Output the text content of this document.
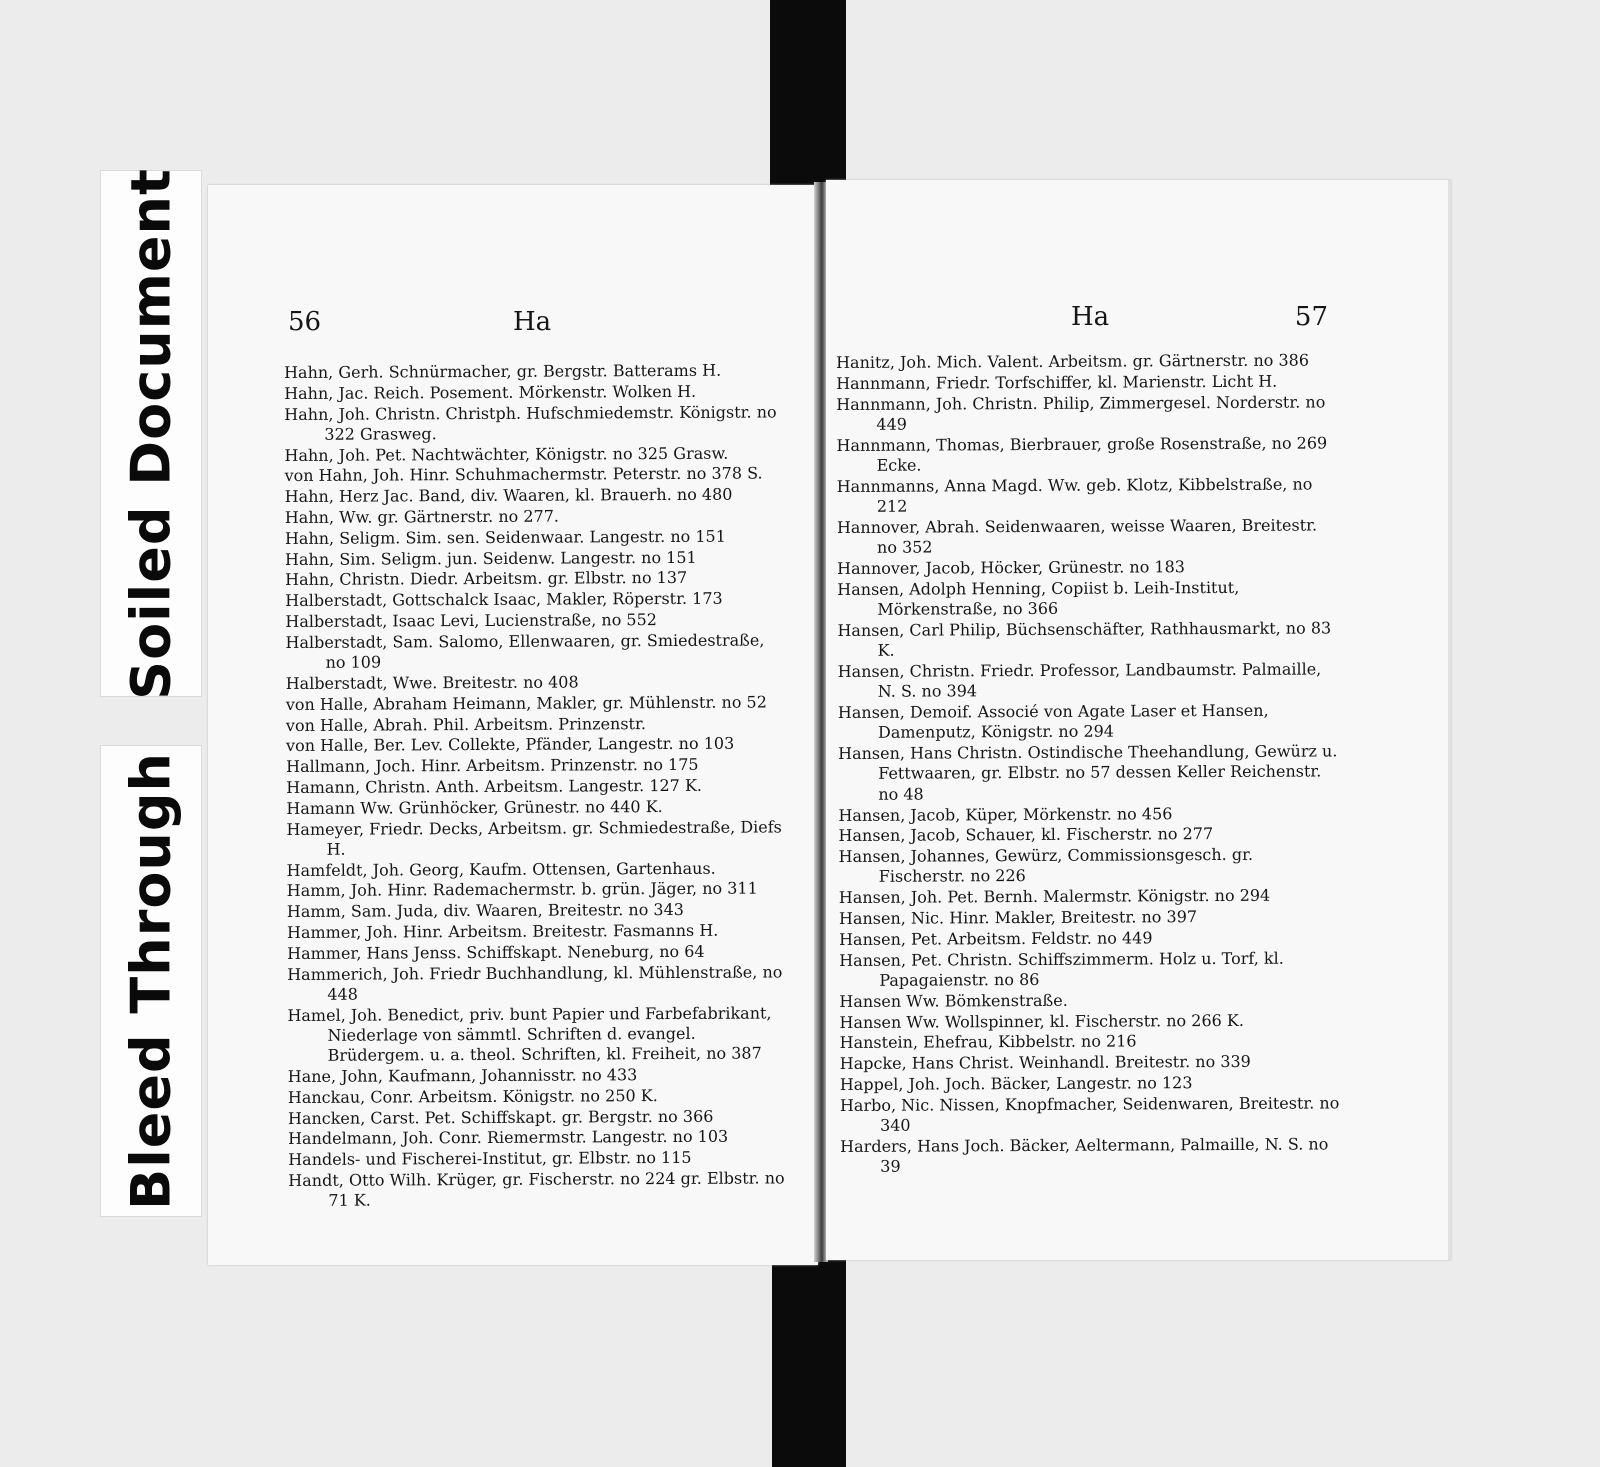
Soiled Document
Bleed Through
56	Ha
Hahn, Gerh. Schnürmacher, gr. Bergstr. Batterams H.
Hahn, Jac. Reich. Posement. Mörkenstr. Wolken H.
Hahn, Joh. Christn. Christph. Hufschmiedemstr. Königstr. no 322 Grasweg.
Hahn, Joh. Pet. Nachtwächter, Königstr. no 325 Grasw.
von Hahn, Joh. Hinr. Schuhmachermstr. Peterstr. no 378 S.
Hahn, Herz Jac. Band, div. Waaren, kl. Brauerh. no 480
Hahn, Ww. gr. Gärtnerstr. no 277.
Hahn, Seligm. Sim. sen. Seidenwaar. Langestr. no 151
Hahn, Sim. Seligm. jun. Seidenw. Langestr. no 151
Hahn, Christn. Diedr. Arbeitsm. gr. Elbstr. no 137
Halberstadt, Gottschalck Isaac, Makler, Röperstr. 173
Halberstadt, Isaac Levi, Lucienstraße, no 552
Halberstadt, Sam. Salomo, Ellenwaaren, gr. Smiedestraße, no 109
Halberstadt, Wwe. Breitestr. no 408
von Halle, Abraham Heimann, Makler, gr. Mühlenstr. no 52
von Halle, Abrah. Phil. Arbeitsm. Prinzenstr.
von Halle, Ber. Lev. Collekte, Pfänder, Langestr. no 103
Hallmann, Joch. Hinr. Arbeitsm. Prinzenstr. no 175
Hamann, Christn. Anth. Arbeitsm. Langestr. 127 K.
Hamann Ww. Grünhöcker, Grünestr. no 440 K.
Hameyer, Friedr. Decks, Arbeitsm. gr. Schmiedestraße, Diefs H.
Hamfeldt, Joh. Georg, Kaufm. Ottensen, Gartenhaus.
Hamm, Joh. Hinr. Rademachermstr. b. grün. Jäger, no 311
Hamm, Sam. Juda, div. Waaren, Breitestr. no 343
Hammer, Joh. Hinr. Arbeitsm. Breitestr. Fasmanns H.
Hammer, Hans Jenss. Schiffskapt. Neneburg, no 64
Hammerich, Joh. Friedr Buchhandlung, kl. Mühlenstraße, no 448
Hamel, Joh. Benedict, priv. bunt Papier und Farbefabrikant, Niederlage von sämmtl. Schriften d. evangel. Brüdergem. u. a. theol. Schriften, kl. Freiheit, no 387
Hane, John, Kaufmann, Johannisstr. no 433
Hanckau, Conr. Arbeitsm. Königstr. no 250 K.
Hancken, Carst. Pet. Schiffskapt. gr. Bergstr. no 366
Handelmann, Joh. Conr. Riemermstr. Langestr. no 103
Handels- und Fischerei-Institut, gr. Elbstr. no 115
Handt, Otto Wilh. Krüger, gr. Fischerstr. no 224 gr. Elbstr. no 71 K.
Ha	57
Hanitz, Joh. Mich. Valent. Arbeitsm. gr. Gärtnerstr. no 386
Hannmann, Friedr. Torfschiffer, kl. Marienstr. Licht H.
Hannmann, Joh. Christn. Philip, Zimmergesel. Norderstr. no 449
Hannmann, Thomas, Bierbrauer, große Rosenstraße, no 269 Ecke.
Hannmanns, Anna Magd. Ww. geb. Klotz, Kibbelstraße, no 212
Hannover, Abrah. Seidenwaaren, weisse Waaren, Breitestr. no 352
Hannover, Jacob, Höcker, Grünestr. no 183
Hansen, Adolph Henning, Copiist b. Leih-Institut, Mörkenstraße, no 366
Hansen, Carl Philip, Büchsenschäfter, Rathhausmarkt, no 83 K.
Hansen, Christn. Friedr. Professor, Landbaumstr. Palmaille, N. S. no 394
Hansen, Demoif. Associé von Agate Laser et Hansen, Damenputz, Königstr. no 294
Hansen, Hans Christn. Ostindische Theehandlung, Gewürz u. Fettwaaren, gr. Elbstr. no 57 dessen Keller Reichenstr. no 48
Hansen, Jacob, Küper, Mörkenstr. no 456
Hansen, Jacob, Schauer, kl. Fischerstr. no 277
Hansen, Johannes, Gewürz, Commissionsgesch. gr. Fischerstr. no 226
Hansen, Joh. Pet. Bernh. Malermstr. Königstr. no 294
Hansen, Nic. Hinr. Makler, Breitestr. no 397
Hansen, Pet. Arbeitsm. Feldstr. no 449
Hansen, Pet. Christn. Schiffszimmerm. Holz u. Torf, kl. Papagaienstr. no 86
Hansen Ww. Bömkenstraße.
Hansen Ww. Wollspinner, kl. Fischerstr. no 266 K.
Hanstein, Ehefrau, Kibbelstr. no 216
Hapcke, Hans Christ. Weinhandl. Breitestr. no 339
Happel, Joh. Joch. Bäcker, Langestr. no 123
Harbo, Nic. Nissen, Knopfmacher, Seidenwaren, Breitestr. no 340
Harders, Hans Joch. Bäcker, Aeltermann, Palmaille, N. S. no 39
